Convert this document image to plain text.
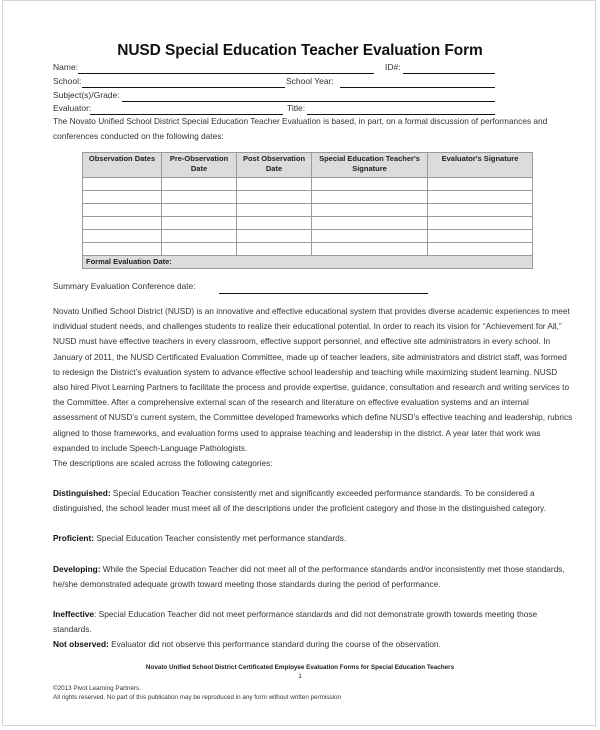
NUSD Special Education Teacher Evaluation Form
Name:	ID#:
School:	School Year:
Subject(s)/Grade:
Evaluator:	Title:
The Novato Unified School District Special Education Teacher Evaluation is based, in part, on a formal discussion of performances and conferences conducted on the following dates:
Observation Dates	Pre-Observation Date	Post Observation Date	Special Education Teacher's Signature	Evaluator's Signature

Formal Evaluation Date:				
Summary Evaluation Conference date:
Novato Unified School District (NUSD) is an innovative and effective educational system that provides diverse academic experiences to meet individual student needs, and challenges students to realize their educational potential. In order to reach its vision for “Achievement for All,” NUSD must have effective teachers in every classroom, effective support personnel, and effective site administrators in every school. In January of 2011, the NUSD Certificated Evaluation Committee, made up of teacher leaders, site administrators and district staff, was formed to redesign the District’s evaluation system to advance effective school leadership and teaching while maximizing student learning. NUSD also hired Pivot Learning Partners to facilitate the process and provide expertise, guidance, consultation and research and writing services to the Committee. After a comprehensive external scan of the research and literature on effective evaluation systems and an internal assessment of NUSD’s current system, the Committee developed frameworks which define NUSD’s effective teaching and leadership, rubrics aligned to those frameworks, and evaluation forms used to appraise teaching and leadership in the district. A year later that work was expanded to include Speech-Language Pathologists.
The descriptions are scaled across the following categories:
Distinguished: Special Education Teacher consistently met and significantly exceeded performance standards. To be considered a distinguished, the school leader must meet all of the descriptions under the proficient category and those in the distinguished category.
Proficient: Special Education Teacher consistently met performance standards.
Developing: While the Special Education Teacher did not meet all of the performance standards and/or inconsistently met those standards, he/she demonstrated adequate growth toward meeting those standards during the period of performance.
Ineffective: Special Education Teacher did not meet performance standards and did not demonstrate growth towards meeting those standards.
Not observed: Evaluator did not observe this performance standard during the course of the observation.
Novato Unified School District Certificated Employee Evaluation Forms for Special Education Teachers
1
©2013 Pivot Learning Partners.
All rights reserved. No part of this publication may be reproduced in any form without written permission
